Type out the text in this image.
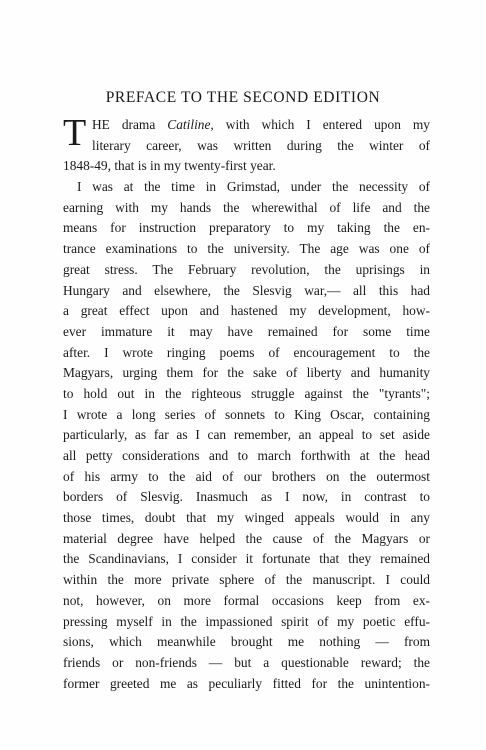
PREFACE TO THE SECOND EDITION
T HE drama Catiline, with which I entered upon my
literary career, was written during the winter of
1848-49, that is in my twenty-first year.
I was at the time in Grimstad, under the necessity of
earning with my hands the wherewithal of life and the
means for instruction preparatory to my taking the en-
trance examinations to the university. The age was one of
great stress. The February revolution, the uprisings in
Hungary and elsewhere, the Slesvig war,— all this had
a great effect upon and hastened my development, how-
ever immature it may have remained for some time
after. I wrote ringing poems of encouragement to the
Magyars, urging them for the sake of liberty and humanity
to hold out in the righteous struggle against the "tyrants";
I wrote a long series of sonnets to King Oscar, containing
particularly, as far as I can remember, an appeal to set aside
all petty considerations and to march forthwith at the head
of his army to the aid of our brothers on the outermost
borders of Slesvig. Inasmuch as I now, in contrast to
those times, doubt that my winged appeals would in any
material degree have helped the cause of the Magyars or
the Scandinavians, I consider it fortunate that they remained
within the more private sphere of the manuscript. I could
not, however, on more formal occasions keep from ex-
pressing myself in the impassioned spirit of my poetic effu-
sions, which meanwhile brought me nothing — from
friends or non-friends — but a questionable reward; the
former greeted me as peculiarly fitted for the unintention-
